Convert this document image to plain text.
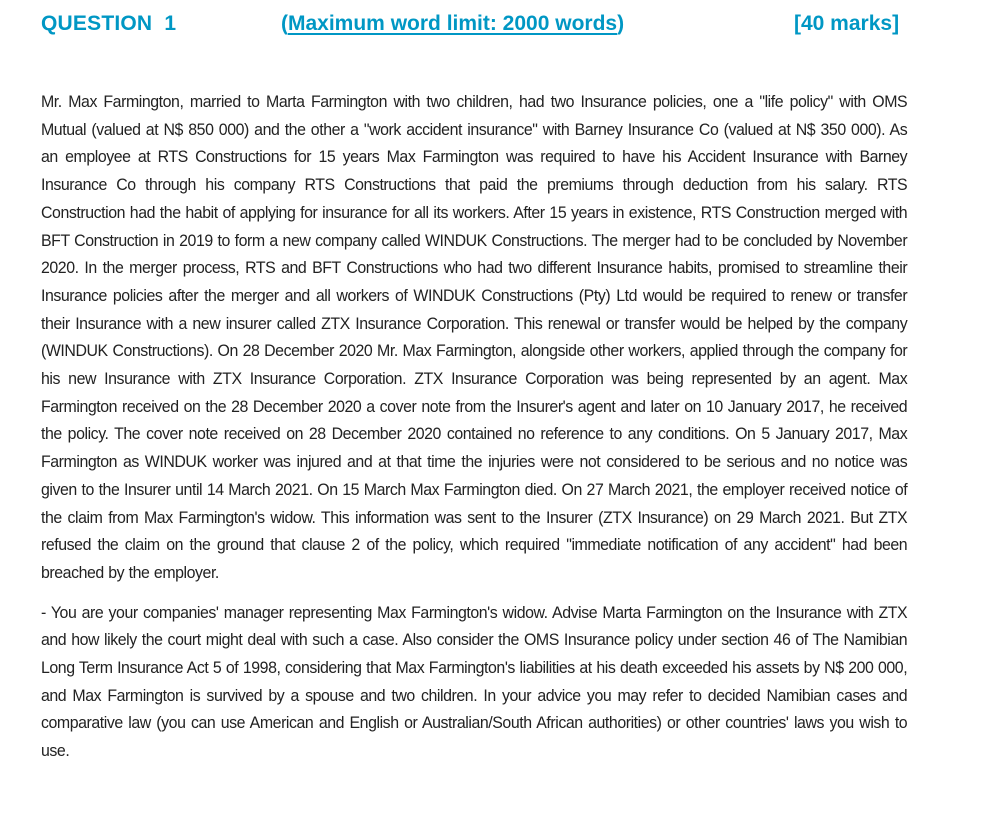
QUESTION  1	(Maximum word limit: 2000 words)	[40 marks]

Mr. Max Farmington, married to Marta Farmington with two children, had two Insurance policies, one a "life policy" with OMS Mutual (valued at N$ 850 000) and the other a "work accident insurance" with Barney Insurance Co (valued at N$ 350 000). As an employee at RTS Constructions for 15 years Max Farmington was required to have his Accident Insurance with Barney Insurance Co through his company RTS Constructions that paid the premiums through deduction from his salary. RTS Construction had the habit of applying for insurance for all its workers. After 15 years in existence, RTS Construction merged with BFT Construction in 2019 to form a new company called WINDUK Constructions. The merger had to be concluded by November 2020. In the merger process, RTS and BFT Constructions who had two different Insurance habits, promised to streamline their Insurance policies after the merger and all workers of WINDUK Constructions (Pty) Ltd would be required to renew or transfer their Insurance with a new insurer called ZTX Insurance Corporation. This renewal or transfer would be helped by the company (WINDUK Constructions). On 28 December 2020 Mr. Max Farmington, alongside other workers, applied through the company for his new Insurance with ZTX Insurance Corporation. ZTX Insurance Corporation was being represented by an agent. Max Farmington received on the 28 December 2020 a cover note from the Insurer's agent and later on 10 January 2017, he received the policy. The cover note received on 28 December 2020 contained no reference to any conditions. On 5 January 2017, Max Farmington as WINDUK worker was injured and at that time the injuries were not considered to be serious and no notice was given to the Insurer until 14 March 2021. On 15 March Max Farmington died. On 27 March 2021, the employer received notice of the claim from Max Farmington's widow. This information was sent to the Insurer (ZTX Insurance) on 29 March 2021. But ZTX refused the claim on the ground that clause 2 of the policy, which required "immediate notification of any accident" had been breached by the employer.

- You are your companies' manager representing Max Farmington's widow. Advise Marta Farmington on the Insurance with ZTX and how likely the court might deal with such a case. Also consider the OMS Insurance policy under section 46 of The Namibian Long Term Insurance Act 5 of 1998, considering that Max Farmington's liabilities at his death exceeded his assets by N$ 200 000, and Max Farmington is survived by a spouse and two children. In your advice you may refer to decided Namibian cases and comparative law (you can use American and English or Australian/South African authorities) or other countries' laws you wish to use.
